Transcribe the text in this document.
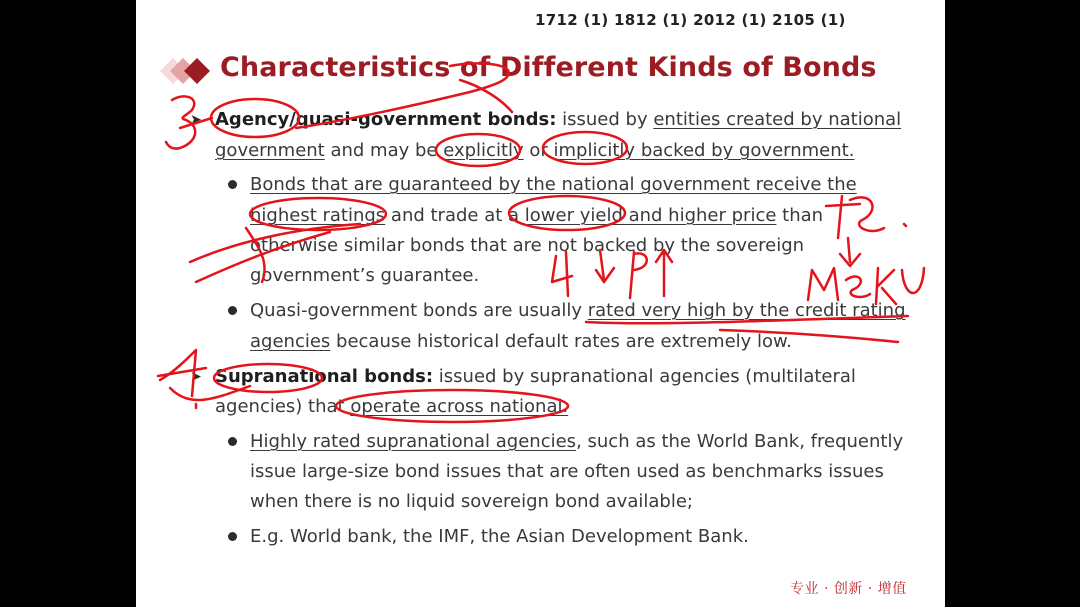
1712 (1) 1812 (1) 2012 (1) 2105 (1)
Characteristics of Different Kinds of Bonds
➤ Agency/quasi-government bonds: issued by entities created by national
government and may be explicitly or implicitly backed by government.
Bonds that are guaranteed by the national government receive the
highest ratings and trade at a lower yield and higher price than
otherwise similar bonds that are not backed by the sovereign
government’s guarantee.
Quasi-government bonds are usually rated very high by the credit rating
agencies because historical default rates are extremely low.
➤ Supranational bonds: issued by supranational agencies (multilateral
agencies) that operate across national.
Highly rated supranational agencies, such as the World Bank, frequently
issue large-size bond issues that are often used as benchmarks issues
when there is no liquid sovereign bond available;
E.g. World bank, the IMF, the Asian Development Bank.
专业 · 创新 · 增值
